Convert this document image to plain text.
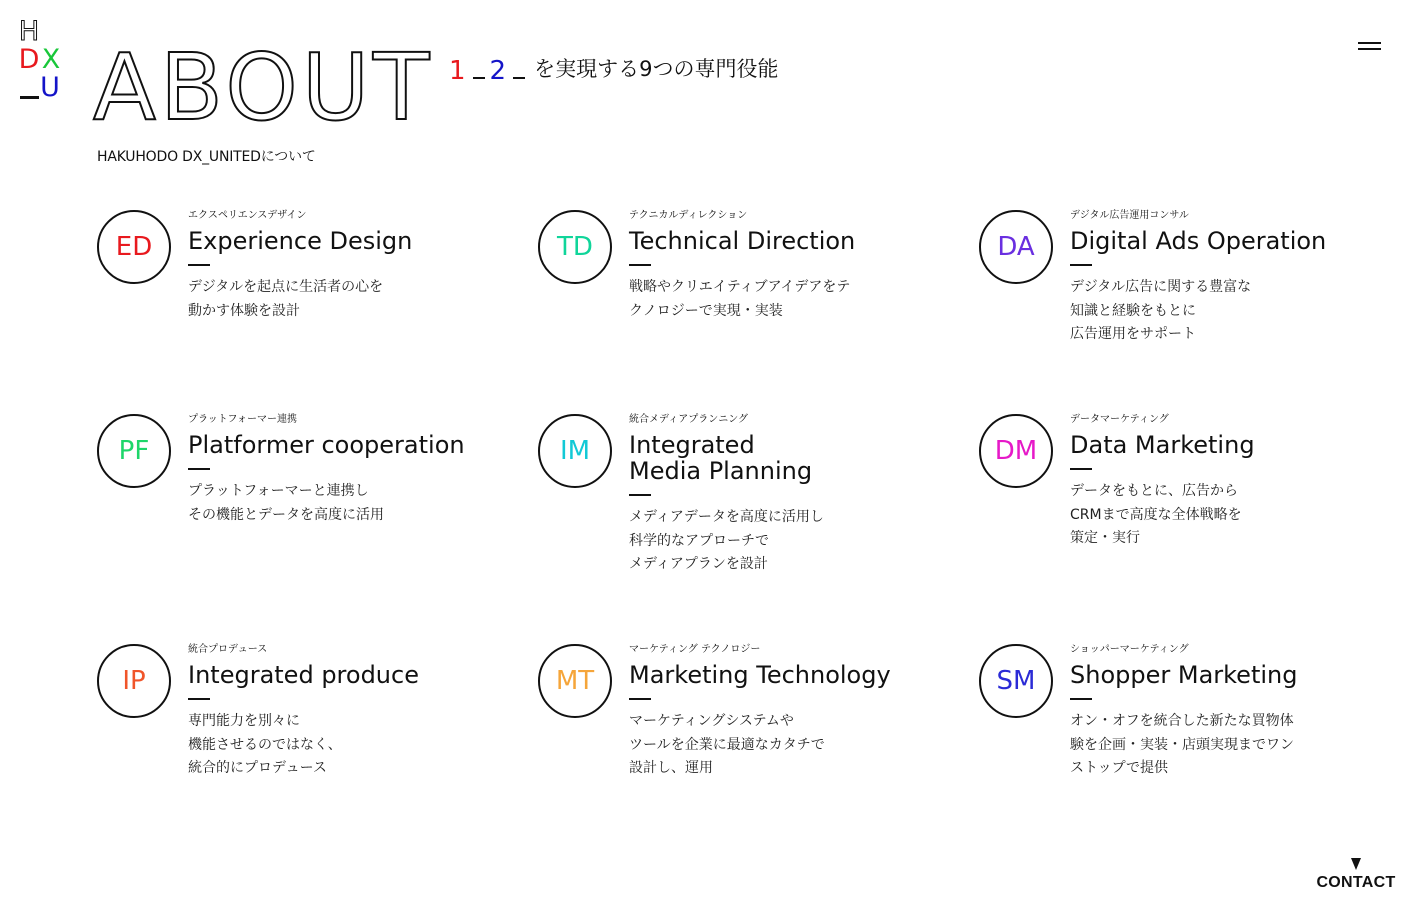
H
D X
U ABOUT
HAKUHODO DX_UNITEDについて
1 2 を実現する9つの専門役能
ED
エクスペリエンスデザイン
Experience Design
デジタルを起点に生活者の心を
動かす体験を設計
TD
テクニカルディレクション
Technical Direction
戦略やクリエイティブアイデアをテ
クノロジーで実現・実装
DA
デジタル広告運用コンサル
Digital Ads Operation
デジタル広告に関する豊富な
知識と経験をもとに
広告運用をサポート
PF
プラットフォーマー連携
Platformer cooperation
プラットフォーマーと連携し
その機能とデータを高度に活用
IM
統合メディアプランニング
Integrated
Media Planning
メディアデータを高度に活用し
科学的なアプローチで
メディアプランを設計
DM
データマーケティング
Data Marketing
データをもとに、広告から
CRMまで高度な全体戦略を
策定・実行
IP
統合プロデュース
Integrated produce
専門能力を別々に
機能させるのではなく、
統合的にプロデュース
MT
マーケティング テクノロジー
Marketing Technology
マーケティングシステムや
ツールを企業に最適なカタチで
設計し、運用
SM
ショッパーマーケティング
Shopper Marketing
オン・オフを統合した新たな買物体
験を企画・実装・店頭実現までワン
ストップで提供
CONTACT
